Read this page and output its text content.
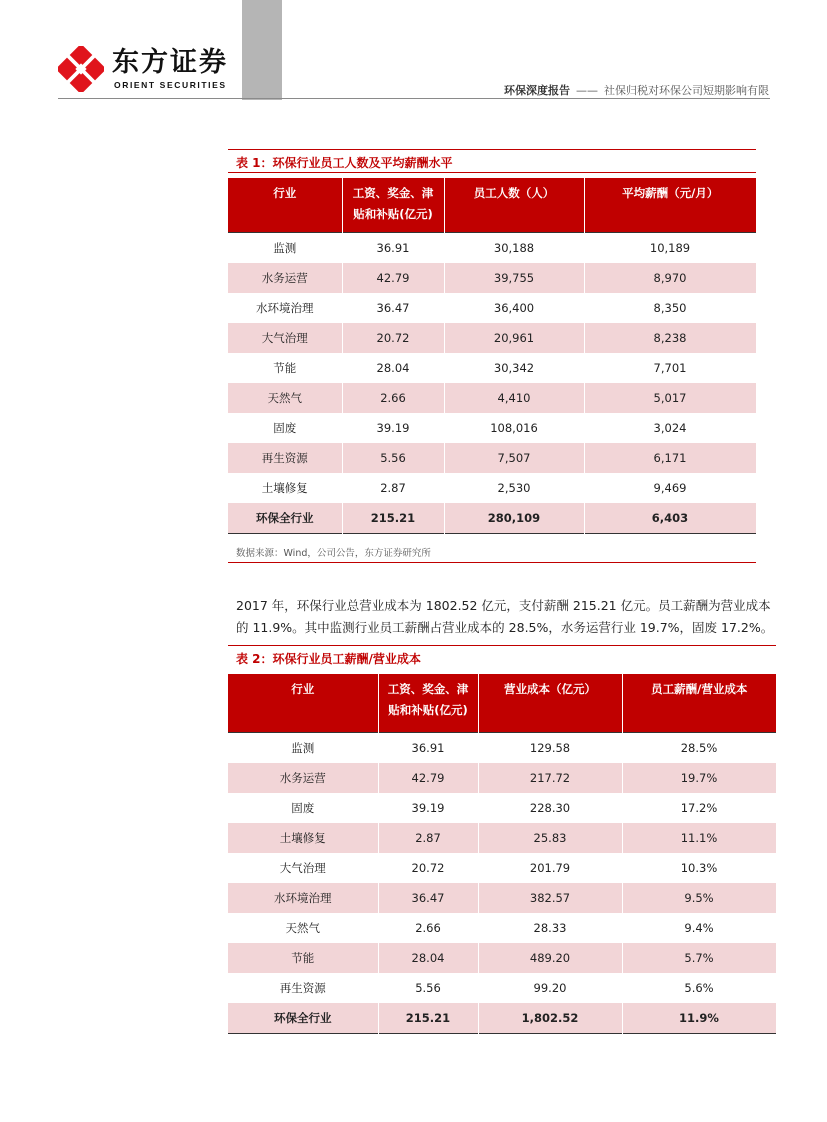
东方证券
ORIENT SECURITIES	环保深度报告 —— 社保归税对环保公司短期影响有限
表 1：环保行业员工人数及平均薪酬水平
行业	工资、奖金、津贴和补贴(亿元)	员工人数（人）	平均薪酬（元/月）
监测	36.91	30,188	10,189
水务运营	42.79	39,755	8,970
水环境治理	36.47	36,400	8,350
大气治理	20.72	20,961	8,238
节能	28.04	30,342	7,701
天然气	2.66	4,410	5,017
固废	39.19	108,016	3,024
再生资源	5.56	7,507	6,171
土壤修复	2.87	2,530	9,469
环保全行业	215.21	280,109	6,403
数据来源：Wind，公司公告，东方证券研究所

2017 年，环保行业总营业成本为 1802.52 亿元，支付薪酬 215.21 亿元。员工薪酬为营业成本的 11.9%。其中监测行业员工薪酬占营业成本的 28.5%，水务运营行业 19.7%，固废 17.2%。

表 2：环保行业员工薪酬/营业成本
行业	工资、奖金、津贴和补贴(亿元)	营业成本（亿元）	员工薪酬/营业成本
监测	36.91	129.58	28.5%
水务运营	42.79	217.72	19.7%
固废	39.19	228.30	17.2%
土壤修复	2.87	25.83	11.1%
大气治理	20.72	201.79	10.3%
水环境治理	36.47	382.57	9.5%
天然气	2.66	28.33	9.4%
节能	28.04	489.20	5.7%
再生资源	5.56	99.20	5.6%
环保全行业	215.21	1,802.52	11.9%
